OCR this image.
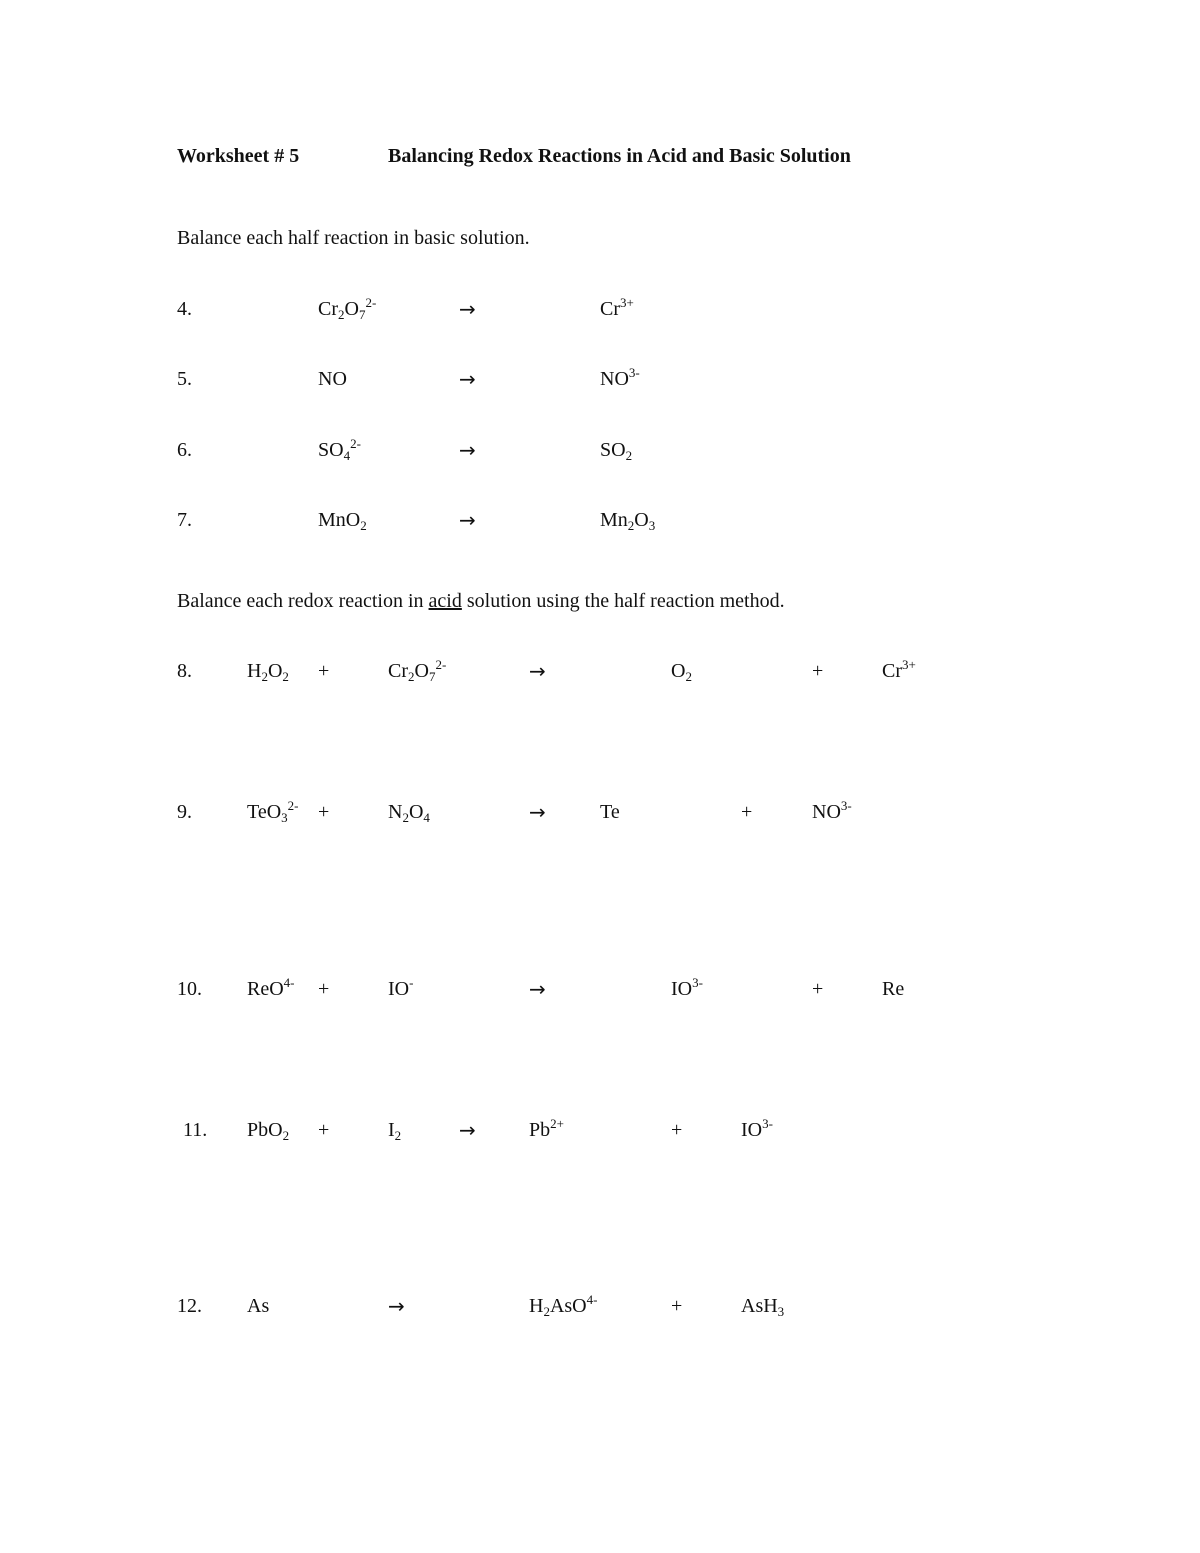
Worksheet # 5	Balancing Redox Reactions in Acid and Basic Solution
Balance each half reaction in basic solution.
4.	$Cr_2O_7^{2-}$	→	$Cr^{3+}$
5.	NO	→	$NO^{3-}$
6.	$SO_4^{2-}$	→	$SO_2$
7.	MnO$_2$	→	$Mn_2O_3$
Balance each redox reaction in acid solution using the half reaction method.
8.	$H_2O_2$ +	$Cr_2O_7^{2-}$	→	$O_2$	+	$Cr^{3+}$
9.	TeO$_3^{2-}$ +	$N_2O_4$	→	Te	+	$NO^{3-}$
10. ReO$^{4-}$ +	IO-	→	$IO^{3-}$	+	Re
11. PbO$_2$ +	$I_2$	→	$Pb^{2+}$	+	$IO^{3-}$
12. As	→	$H_2AsO^{4-}$	+	AsH$_3$
